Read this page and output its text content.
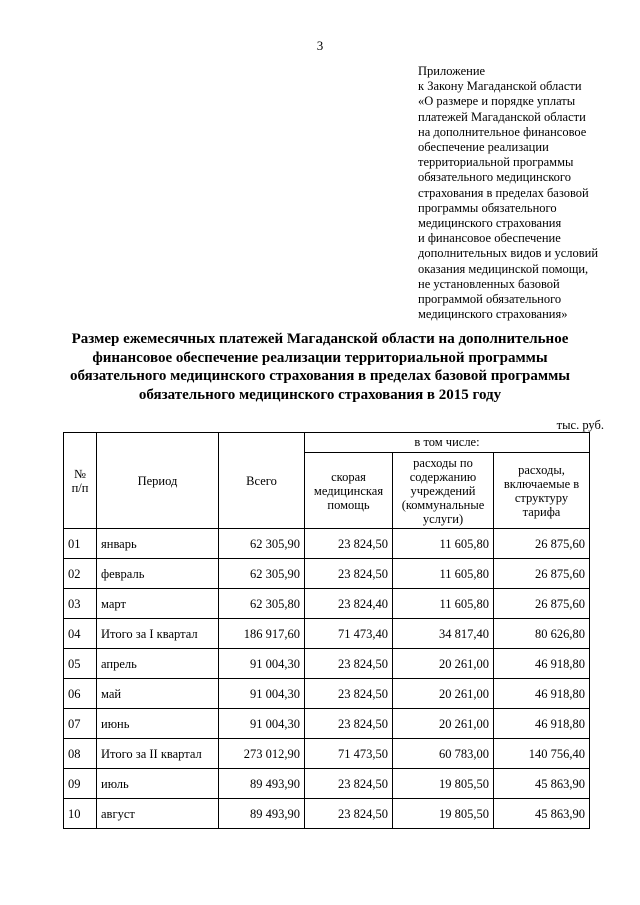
3
Приложение
к Закону Магаданской области
«О размере и порядке уплаты
платежей Магаданской области
на дополнительное финансовое
обеспечение реализации
территориальной программы
обязательного медицинского
страхования в пределах базовой
программы обязательного
медицинского страхования
и финансовое обеспечение
дополнительных видов и условий
оказания медицинской помощи,
не установленных базовой
программой обязательного
медицинского страхования»
Размер ежемесячных платежей Магаданской области на дополнительное
финансовое обеспечение реализации территориальной программы
обязательного медицинского страхования в пределах базовой программы
обязательного медицинского страхования в 2015 году
тыс. руб.
№ п/п	Период	Всего	в том числе:		
			скорая медицинская помощь	расходы по содержанию учреждений (коммунальные услуги)	расходы, включаемые в структуру тарифа
01	январь	62 305,90	23 824,50	11 605,80	26 875,60
02	февраль	62 305,90	23 824,50	11 605,80	26 875,60
03	март	62 305,80	23 824,40	11 605,80	26 875,60
04	Итого за I квартал	186 917,60	71 473,40	34 817,40	80 626,80
05	апрель	91 004,30	23 824,50	20 261,00	46 918,80
06	май	91 004,30	23 824,50	20 261,00	46 918,80
07	июнь	91 004,30	23 824,50	20 261,00	46 918,80
08	Итого за II квартал	273 012,90	71 473,50	60 783,00	140 756,40
09	июль	89 493,90	23 824,50	19 805,50	45 863,90
10	август	89 493,90	23 824,50	19 805,50	45 863,90
